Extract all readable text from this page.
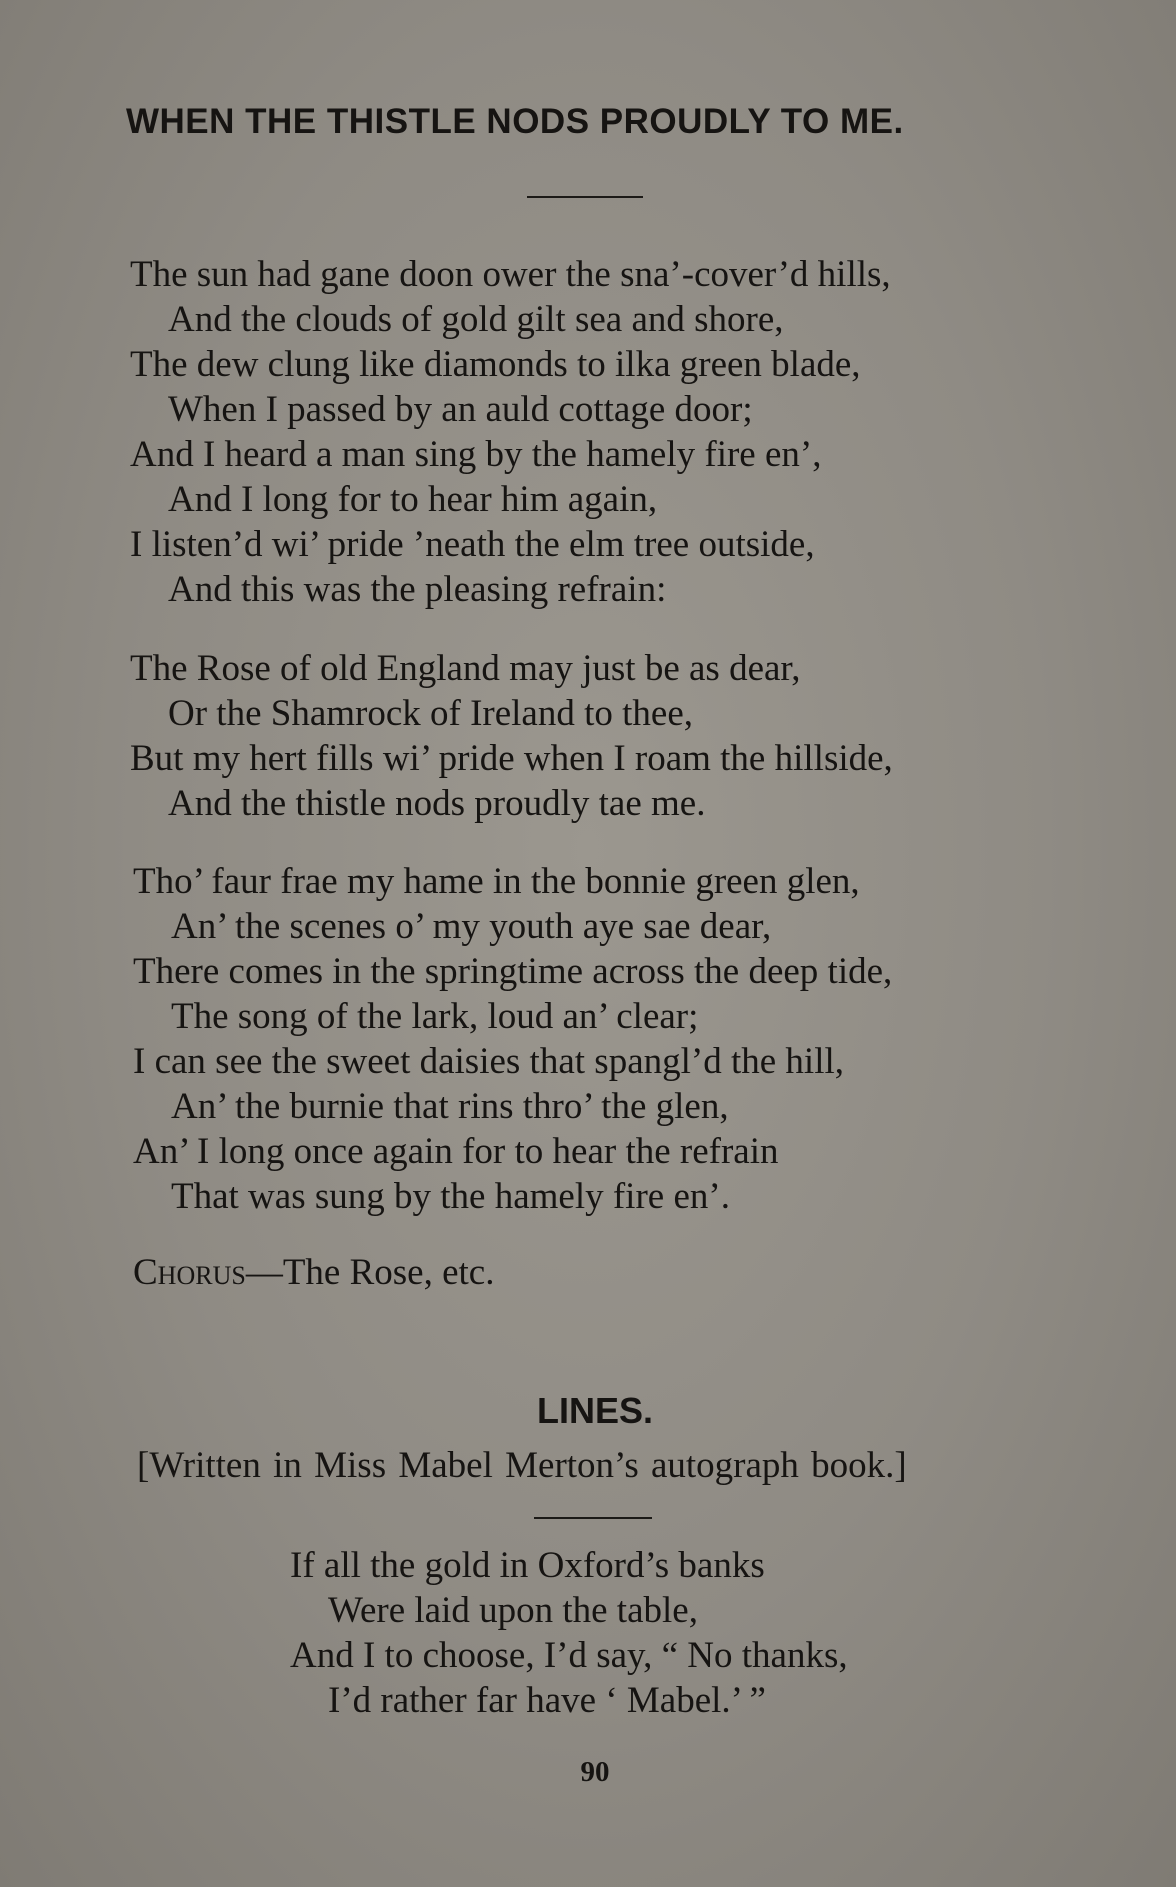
WHEN THE THISTLE NODS PROUDLY TO ME.
The sun had gane doon ower the sna’-cover’d hills,
And the clouds of gold gilt sea and shore,
The dew clung like diamonds to ilka green blade,
When I passed by an auld cottage door;
And I heard a man sing by the hamely fire en’,
And I long for to hear him again,
I listen’d wi’ pride ’neath the elm tree outside,
And this was the pleasing refrain:
The Rose of old England may just be as dear,
Or the Shamrock of Ireland to thee,
But my hert fills wi’ pride when I roam the hillside,
And the thistle nods proudly tae me.
Tho’ faur frae my hame in the bonnie green glen,
An’ the scenes o’ my youth aye sae dear,
There comes in the springtime across the deep tide,
The song of the lark, loud an’ clear;
I can see the sweet daisies that spangl’d the hill,
An’ the burnie that rins thro’ the glen,
An’ I long once again for to hear the refrain
That was sung by the hamely fire en’.

Chorus—The Rose, etc.

LINES.

[Written in Miss Mabel Merton’s autograph book.]

If all the gold in Oxford’s banks
Were laid upon the table,
And I to choose, I’d say, “ No thanks,
I’d rather far have ‘ Mabel.’ ”

90
